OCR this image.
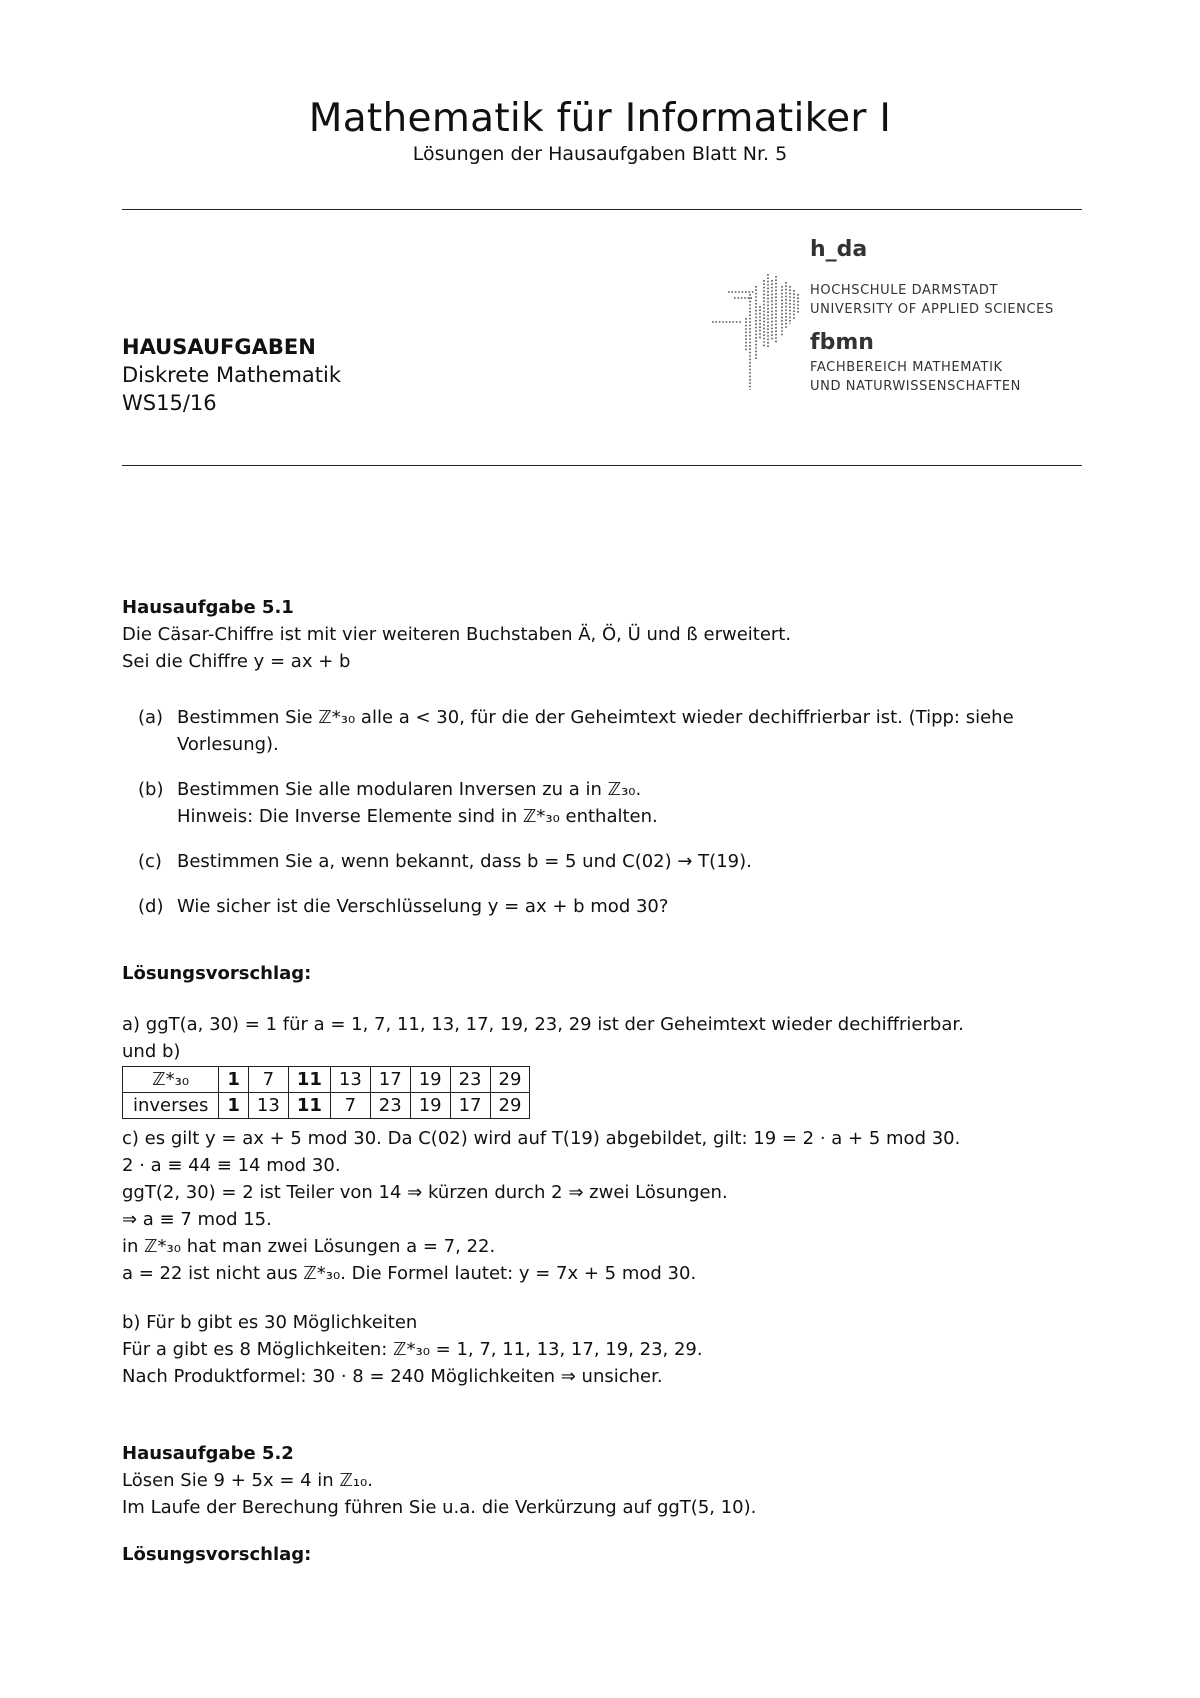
Mathematik für Informatiker I
Lösungen der Hausaufgaben Blatt Nr. 5
HAUSAUFGABEN
Diskrete Mathematik
WS15/16
h_da
HOCHSCHULE DARMSTADT
UNIVERSITY OF APPLIED SCIENCES
fbmn
FACHBEREICH MATHEMATIK
UND NATURWISSENSCHAFTEN

Hausaufgabe 5.1

Die Cäsar-Chiffre ist mit vier weiteren Buchstaben Ä, Ö, Ü und ß erweitert.

Sei die Chiffre y = ax + b

(a) Bestimmen Sie ℤ*₃₀ alle a < 30, für die der Geheimtext wieder dechiffrierbar ist. (Tipp: siehe Vorlesung).
(b) Bestimmen Sie alle modularen Inversen zu a in ℤ₃₀.
Hinweis: Die Inverse Elemente sind in ℤ*₃₀ enthalten.
(c) Bestimmen Sie a, wenn bekannt, dass b = 5 und C(02) → T(19).
(d) Wie sicher ist die Verschlüsselung y = ax + b mod 30?

Lösungsvorschlag:

a) ggT(a, 30) = 1 für a = 1, 7, 11, 13, 17, 19, 23, 29 ist der Geheimtext wieder dechiffrierbar.

und b)

ℤ*₃₀	1	7	11	13	17	19	23	29
inverses	1	13	11	7	23	19	17	29

c) es gilt y = ax + 5 mod 30. Da C(02) wird auf T(19) abgebildet, gilt: 19 = 2 · a + 5 mod 30.

2 · a ≡ 44 ≡ 14 mod 30.

ggT(2, 30) = 2 ist Teiler von 14 ⇒ kürzen durch 2 ⇒ zwei Lösungen.

⇒ a ≡ 7 mod 15.

in ℤ*₃₀ hat man zwei Lösungen a = 7, 22.

a = 22 ist nicht aus ℤ*₃₀. Die Formel lautet: y = 7x + 5 mod 30.

b) Für b gibt es 30 Möglichkeiten

Für a gibt es 8 Möglichkeiten: ℤ*₃₀ = 1, 7, 11, 13, 17, 19, 23, 29.

Nach Produktformel: 30 · 8 = 240 Möglichkeiten ⇒ unsicher.

Hausaufgabe 5.2

Lösen Sie 9 + 5x = 4 in ℤ₁₀.

Im Laufe der Berechung führen Sie u.a. die Verkürzung auf ggT(5, 10).

Lösungsvorschlag:
